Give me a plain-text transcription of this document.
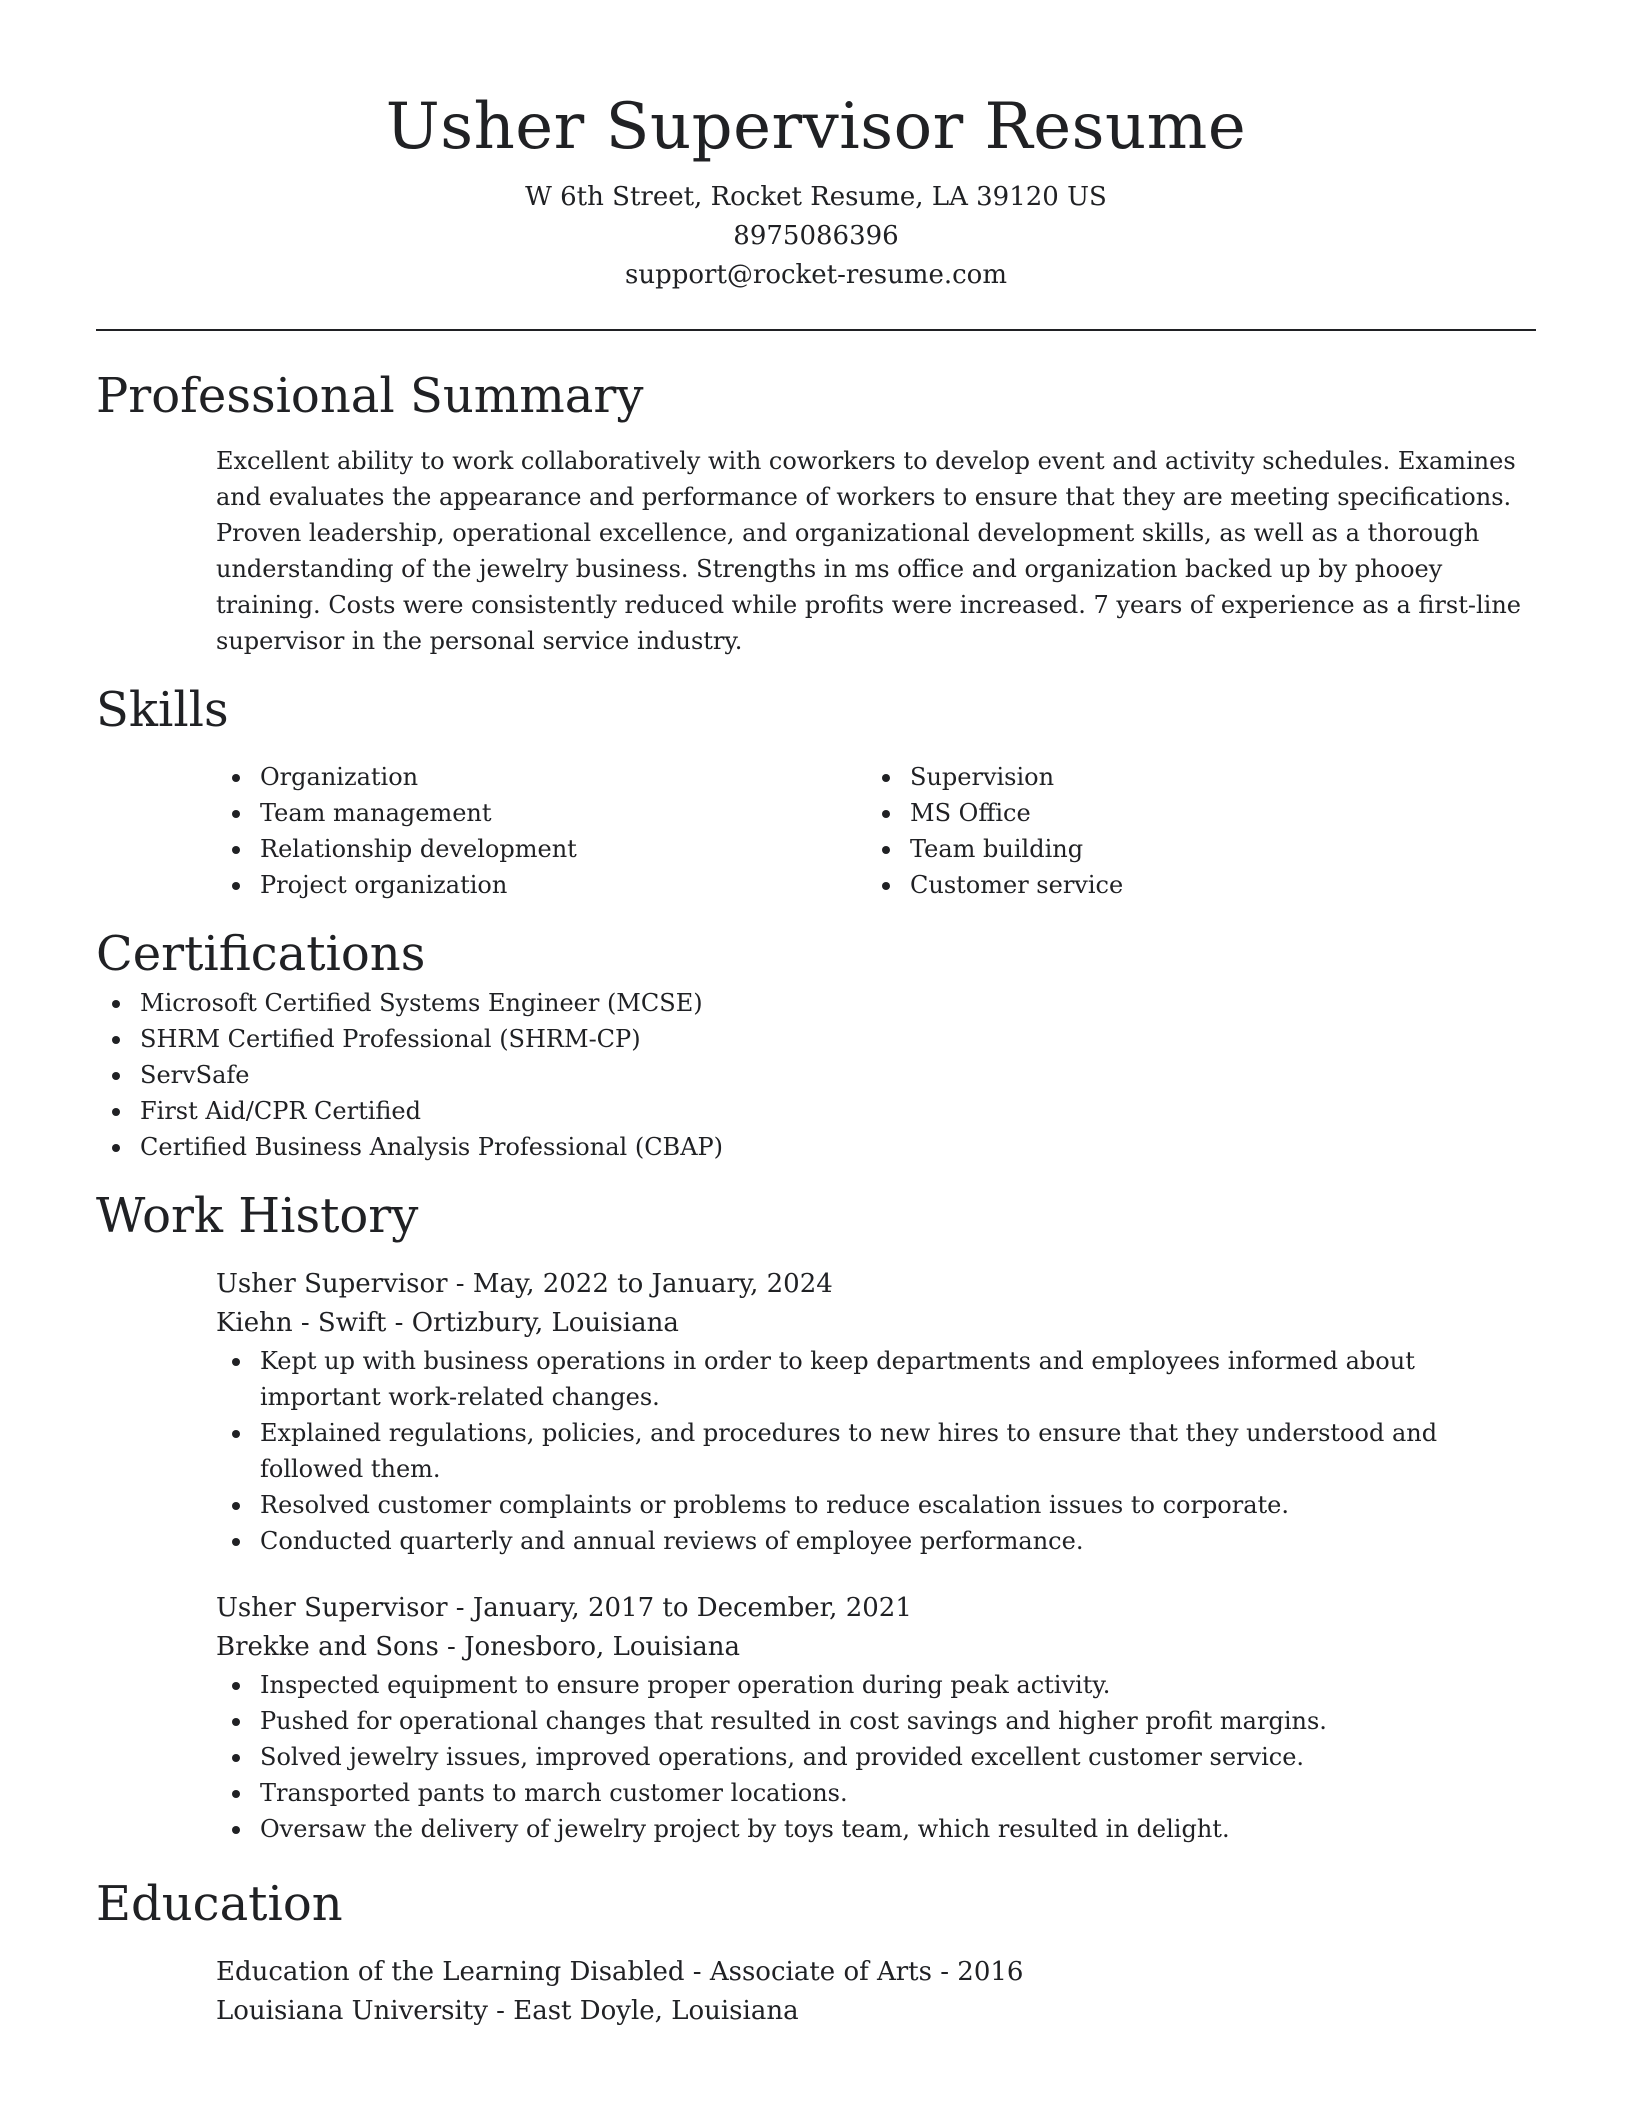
Usher Supervisor Resume

W 6th Street, Rocket Resume, LA 39120 US

8975086396

support@rocket-resume.com

Professional Summary

Excellent ability to work collaboratively with coworkers to develop event and activity schedules. Examines and evaluates the appearance and performance of workers to ensure that they are meeting specifications. Proven leadership, operational excellence, and organizational development skills, as well as a thorough understanding of the jewelry business. Strengths in ms office and organization backed up by phooey training. Costs were consistently reduced while profits were increased. 7 years of experience as a first-line supervisor in the personal service industry.

Skills
Organization
Team management
Relationship development
Project organization
Supervision
MS Office
Team building
Customer service
Certifications
Microsoft Certified Systems Engineer (MCSE)
SHRM Certified Professional (SHRM-CP)
ServSafe
First Aid/CPR Certified
Certified Business Analysis Professional (CBAP)
Work History

Usher Supervisor - May, 2022 to January, 2024

Kiehn - Swift - Ortizbury, Louisiana

Kept up with business operations in order to keep departments and employees informed about important work-related changes.
Explained regulations, policies, and procedures to new hires to ensure that they understood and followed them.
Resolved customer complaints or problems to reduce escalation issues to corporate.
Conducted quarterly and annual reviews of employee performance.

Usher Supervisor - January, 2017 to December, 2021

Brekke and Sons - Jonesboro, Louisiana

Inspected equipment to ensure proper operation during peak activity.
Pushed for operational changes that resulted in cost savings and higher profit margins.
Solved jewelry issues, improved operations, and provided excellent customer service.
Transported pants to march customer locations.
Oversaw the delivery of jewelry project by toys team, which resulted in delight.
Education

Education of the Learning Disabled - Associate of Arts - 2016

Louisiana University - East Doyle, Louisiana
